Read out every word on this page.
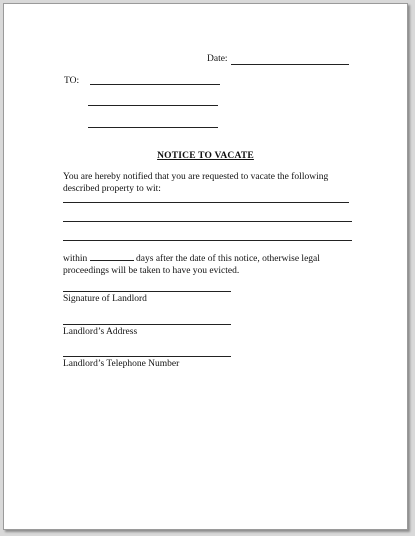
Date:
TO:
NOTICE TO VACATE
You are hereby notified that you are requested to vacate the following
described property to wit:
within	days after the date of this notice, otherwise legal
proceedings will be taken to have you evicted.
Signature of Landlord
Landlord’s Address
Landlord’s Telephone Number
